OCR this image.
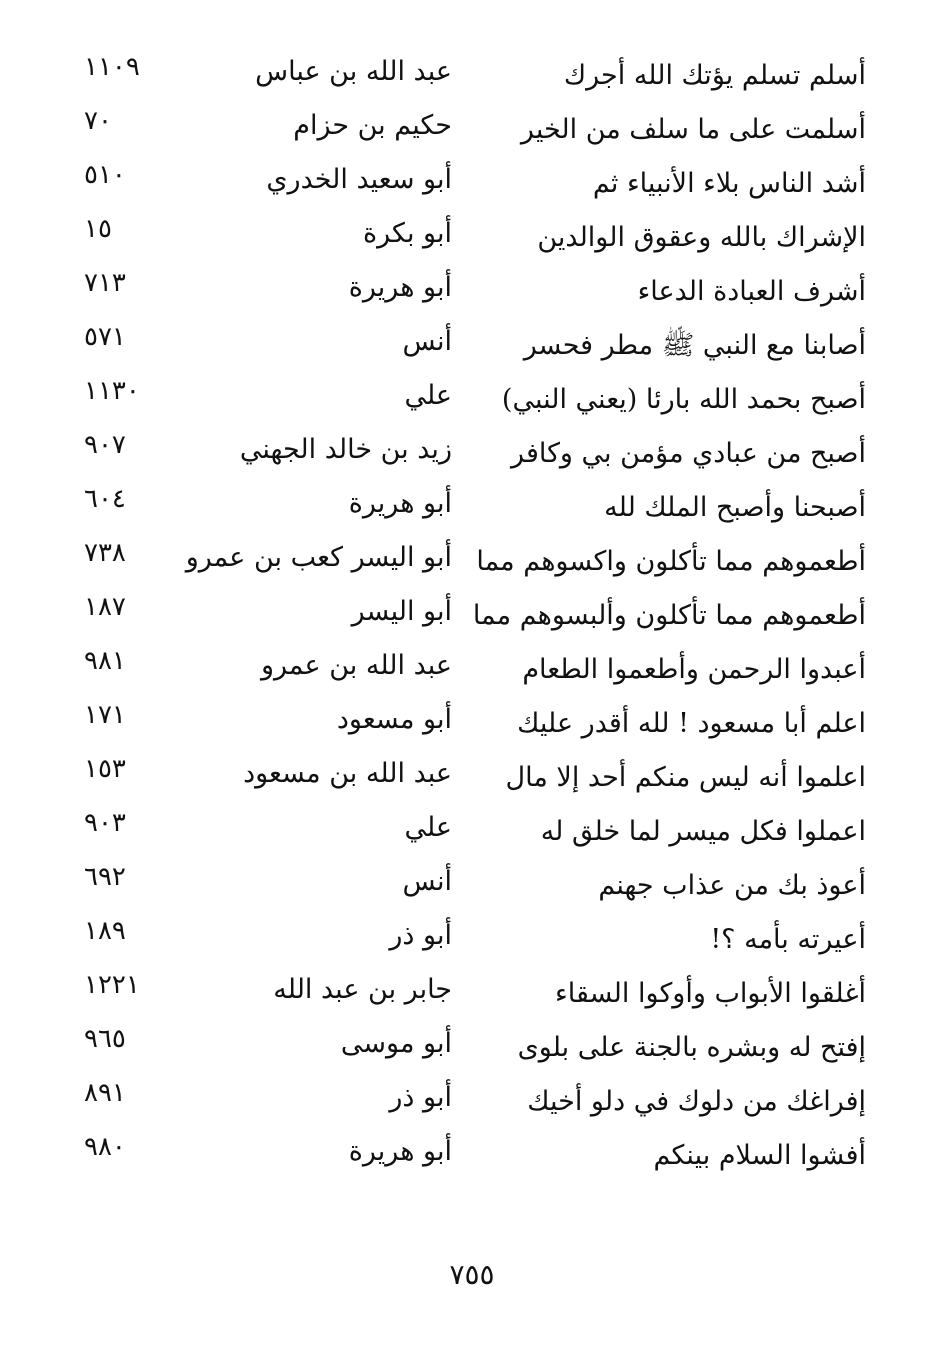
أسلم تسلم يؤتك الله أجرك
عبد الله بن عباس
١١٠٩
أسلمت على ما سلف من الخير
حكيم بن حزام
٧٠
أشد الناس بلاء الأنبياء ثم
أبو سعيد الخدري
٥١٠
الإشراك بالله وعقوق الوالدين
أبو بكرة
١٥
أشرف العبادة الدعاء
أبو هريرة
٧١٣
أصابنا مع النبي ﷺ مطر فحسر
أنس
٥٧١
أصبح بحمد الله بارئا (يعني النبي)
علي
١١٣٠
أصبح من عبادي مؤمن بي وكافر
زيد بن خالد الجهني
٩٠٧
أصبحنا وأصبح الملك لله
أبو هريرة
٦٠٤
أطعموهم مما تأكلون واكسوهم مما
أبو اليسر كعب بن عمرو
٧٣٨
أطعموهم مما تأكلون وألبسوهم مما
أبو اليسر
١٨٧
أعبدوا الرحمن وأطعموا الطعام
عبد الله بن عمرو
٩٨١
اعلم أبا مسعود ! لله أقدر عليك
أبو مسعود
١٧١
اعلموا أنه ليس منكم أحد إلا مال
عبد الله بن مسعود
١٥٣
اعملوا فكل ميسر لما خلق له
علي
٩٠٣
أعوذ بك من عذاب جهنم
أنس
٦٩٢
أعيرته بأمه ؟!
أبو ذر
١٨٩
أغلقوا الأبواب وأوكوا السقاء
جابر بن عبد الله
١٢٢١
إفتح له وبشره بالجنة على بلوى
أبو موسى
٩٦٥
إفراغك من دلوك في دلو أخيك
أبو ذر
٨٩١
أفشوا السلام بينكم
أبو هريرة
٩٨٠
٧٥٥
